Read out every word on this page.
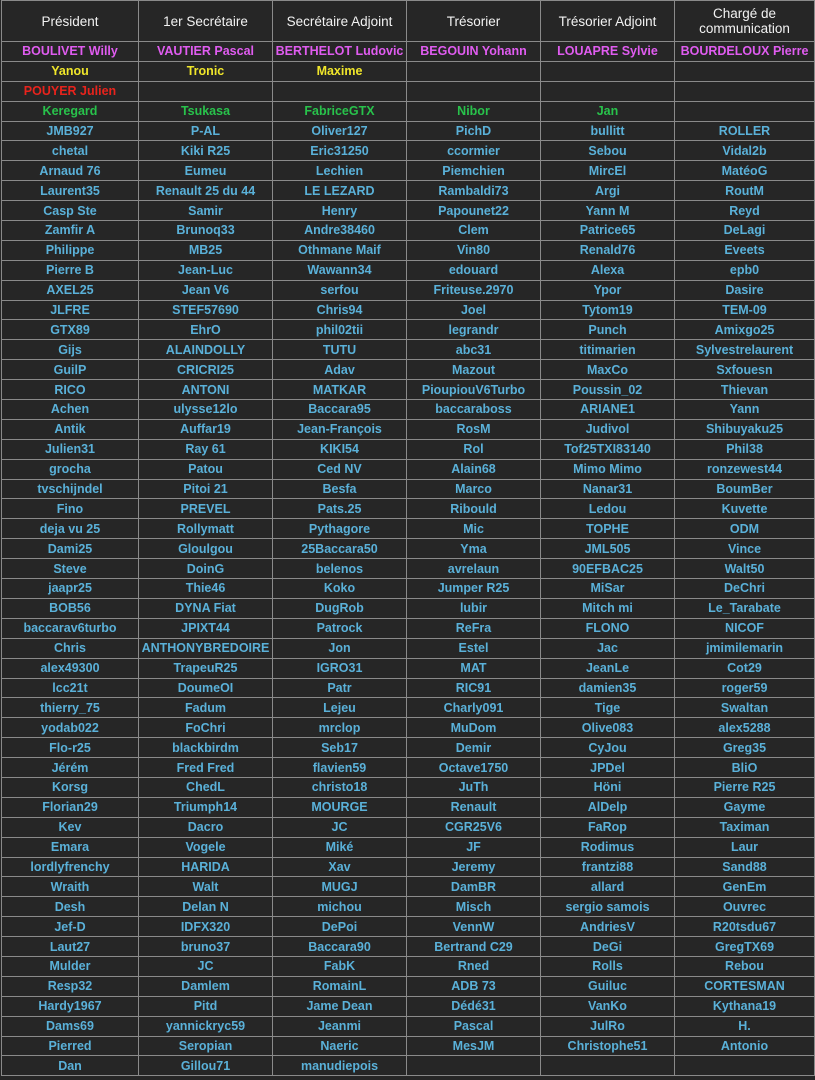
Président	1er Secrétaire	Secrétaire Adjoint	Trésorier	Trésorier Adjoint	Chargé de communication
BOULIVET Willy	VAUTIER Pascal	BERTHELOT Ludovic	BEGOUIN Yohann	LOUAPRE Sylvie	BOURDELOUX Pierre
Yanou	Tronic	Maxime			
POUYER Julien					
Keregard	Tsukasa	FabriceGTX	Nibor	Jan	
JMB927	P-AL	Oliver127	PichD	bullitt	ROLLER
chetal	Kiki R25	Eric31250	ccormier	Sebou	Vidal2b
Arnaud 76	Eumeu	Lechien	Piemchien	MircEl	MatéoG
Laurent35	Renault 25 du 44	LE LEZARD	Rambaldi73	Argi	RoutM
Casp Ste	Samir	Henry	Papounet22	Yann M	Reyd
Zamfir A	Brunoq33	Andre38460	Clem	Patrice65	DeLagi
Philippe	MB25	Othmane Maif	Vin80	Renald76	Eveets
Pierre B	Jean-Luc	Wawann34	edouard	Alexa	epb0
AXEL25	Jean V6	serfou	Friteuse.2970	Ypor	Dasire
JLFRE	STEF57690	Chris94	Joel	Tytom19	TEM-09
GTX89	EhrO	phil02tii	legrandr	Punch	Amixgo25
Gijs	ALAINDOLLY	TUTU	abc31	titimarien	Sylvestrelaurent
GuilP	CRICRI25	Adav	Mazout	MaxCo	Sxfouesn
RICO	ANTONI	MATKAR	PioupiouV6Turbo	Poussin_02	Thievan
Achen	ulysse12lo	Baccara95	baccaraboss	ARIANE1	Yann
Antik	Auffar19	Jean-François	RosM	Judivol	Shibuyaku25
Julien31	Ray 61	KIKI54	Rol	Tof25TXI83140	Phil38
grocha	Patou	Ced NV	Alain68	Mimo Mimo	ronzewest44
tvschijndel	Pitoi 21	Besfa	Marco	Nanar31	BoumBer
Fino	PREVEL	Pats.25	Ribould	Ledou	Kuvette
deja vu 25	Rollymatt	Pythagore	Mic	TOPHE	ODM
Dami25	Gloulgou	25Baccara50	Yma	JML505	Vince
Steve	DoinG	belenos	avrelaun	90EFBAC25	Walt50
jaapr25	Thie46	Koko	Jumper R25	MiSar	DeChri
BOB56	DYNA Fiat	DugRob	lubir	Mitch mi	Le_Tarabate
baccarav6turbo	JPIXT44	Patrock	ReFra	FLONO	NICOF
Chris	ANTHONYBREDOIRE	Jon	Estel	Jac	jmimilemarin
alex49300	TrapeuR25	IGRO31	MAT	JeanLe	Cot29
lcc21t	DoumeOI	Patr	RIC91	damien35	roger59
thierry_75	Fadum	Lejeu	Charly091	Tige	Swaltan
yodab022	FoChri	mrclop	MuDom	Olive083	alex5288
Flo-r25	blackbirdm	Seb17	Demir	CyJou	Greg35
Jérém	Fred Fred	flavien59	Octave1750	JPDel	BliO
Korsg	ChedL	christo18	JuTh	Höni	Pierre R25
Florian29	Triumph14	MOURGE	Renault	AlDelp	Gayme
Kev	Dacro	JC	CGR25V6	FaRop	Taximan
Emara	Vogele	Miké	JF	Rodimus	Laur
lordlyfrenchy	HARIDA	Xav	Jeremy	frantzi88	Sand88
Wraith	Walt	MUGJ	DamBR	allard	GenEm
Desh	Delan N	michou	Misch	sergio samois	Ouvrec
Jef-D	IDFX320	DePoi	VennW	AndriesV	R20tsdu67
Laut27	bruno37	Baccara90	Bertrand C29	DeGi	GregTX69
Mulder	JC	FabK	Rned	Rolls	Rebou
Resp32	Damlem	RomainL	ADB 73	Guiluc	CORTESMAN
Hardy1967	Pitd	Jame Dean	Dédé31	VanKo	Kythana19
Dams69	yannickryc59	Jeanmi	Pascal	JulRo	H.
Pierred	Seropian	Naeric	MesJM	Christophe51	Antonio
Dan	Gillou71	manudiepois			
